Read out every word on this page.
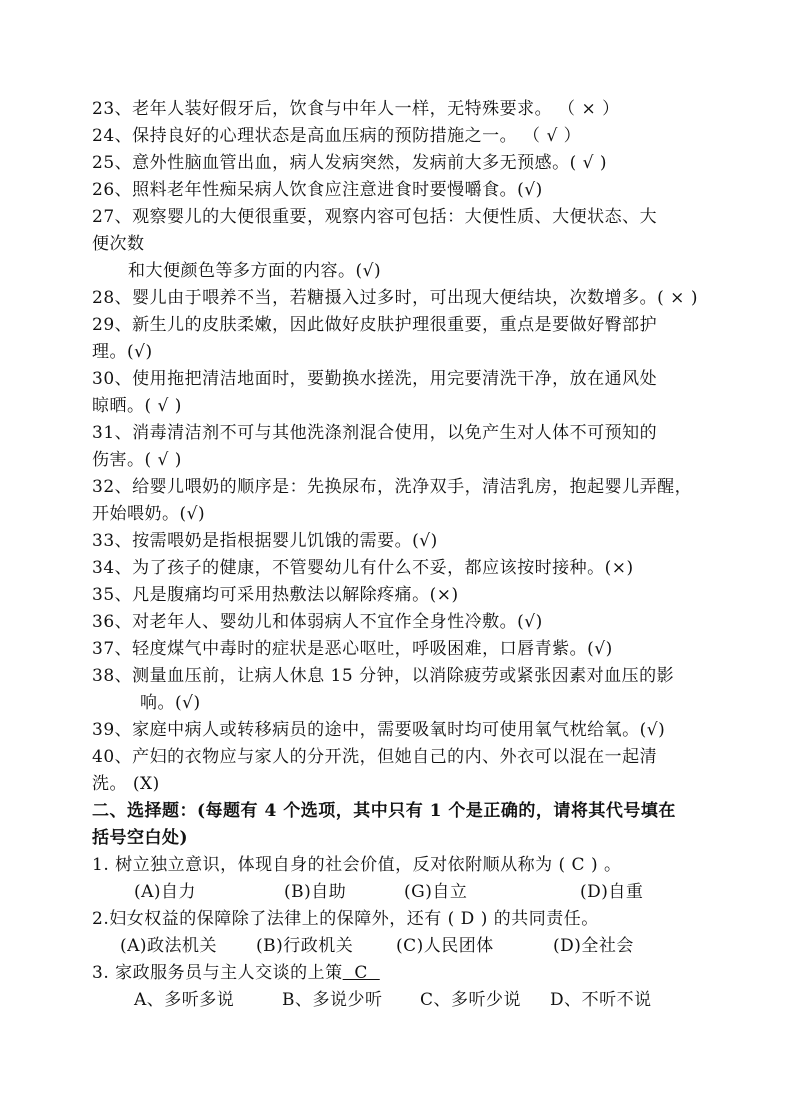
23、老年人装好假牙后，饮食与中年人一样，无特殊要求。 （ × ）
24、保持良好的心理状态是高血压病的预防措施之一。 （ √ ）
25、意外性脑血管出血，病人发病突然，发病前大多无预感。( √ )
26、照料老年性痴呆病人饮食应注意进食时要慢嚼食。(√)
27、观察婴儿的大便很重要，观察内容可包括：大便性质、大便状态、大
便次数
和大便颜色等多方面的内容。(√)
28、婴儿由于喂养不当，若糖摄入过多时，可出现大便结块，次数增多。( × )
29、新生儿的皮肤柔嫩，因此做好皮肤护理很重要，重点是要做好臀部护
理。(√)
30、使用拖把清洁地面时，要勤换水搓洗，用完要清洗干净，放在通风处
晾晒。( √ )
31、消毒清洁剂不可与其他洗涤剂混合使用，以免产生对人体不可预知的
伤害。( √ )
32、给婴儿喂奶的顺序是：先换尿布，洗净双手，清洁乳房，抱起婴儿弄醒，
开始喂奶。(√)
33、按需喂奶是指根据婴儿饥饿的需要。(√)
34、为了孩子的健康，不管婴幼儿有什么不妥，都应该按时接种。(×)
35、凡是腹痛均可采用热敷法以解除疼痛。(×)
36、对老年人、婴幼儿和体弱病人不宜作全身性冷敷。(√)
37、轻度煤气中毒时的症状是恶心呕吐，呼吸困难，口唇青紫。(√)
38、测量血压前，让病人休息 15 分钟，以消除疲劳或紧张因素对血压的影
响。(√)
39、家庭中病人或转移病员的途中，需要吸氧时均可使用氧气枕给氧。(√)
40、产妇的衣物应与家人的分开洗，但她自己的内、外衣可以混在一起清
洗。 (X)
二、选择题：(每题有 4 个选项，其中只有 1 个是正确的，请将其代号填在
括号空白处)
1. 树立独立意识，体现自身的社会价值，反对依附顺从称为 ( C ) 。
(A)自力	(B)自助	(G)自立	(D)自重
2.妇女权益的保障除了法律上的保障外，还有 ( D ) 的共同责任。
(A)政法机关 (B)行政机关	(C)人民团体	(D)全社会
3. 家政服务员与主人交谈的上策  C
A、多听多说	B、多说少听 C、多听少说 D、不听不说
